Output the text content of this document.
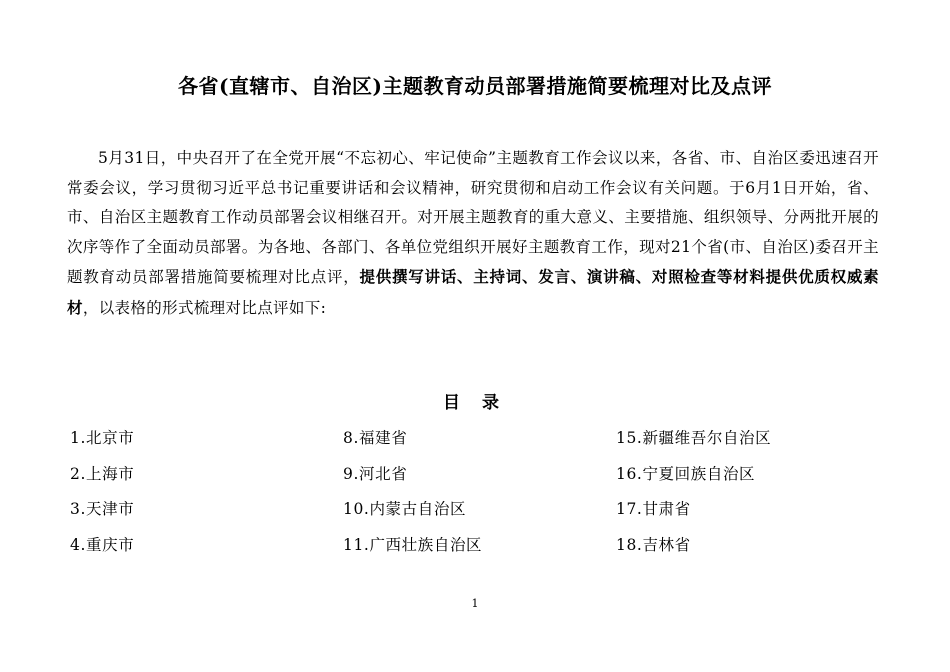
各省(直辖市、自治区)主题教育动员部署措施简要梳理对比及点评

5月31日，中央召开了在全党开展“不忘初心、牢记使命”主题教育工作会议以来，各省、市、自治区委迅速召开常委会议，学习贯彻习近平总书记重要讲话和会议精神，研究贯彻和启动工作会议有关问题。于6月1日开始，省、市、自治区主题教育工作动员部署会议相继召开。对开展主题教育的重大意义、主要措施、组织领导、分两批开展的次序等作了全面动员部署。为各地、各部门、各单位党组织开展好主题教育工作，现对21个省(市、自治区)委召开主题教育动员部署措施简要梳理对比点评，提供撰写讲话、主持词、发言、演讲稿、对照检查等材料提供优质权威素材，以表格的形式梳理对比点评如下:

目 录
1.北京市	8.福建省	15.新疆维吾尔自治区
2.上海市	9.河北省	16.宁夏回族自治区
3.天津市	10.内蒙古自治区	17.甘肃省
4.重庆市	11.广西壮族自治区	18.吉林省
1
